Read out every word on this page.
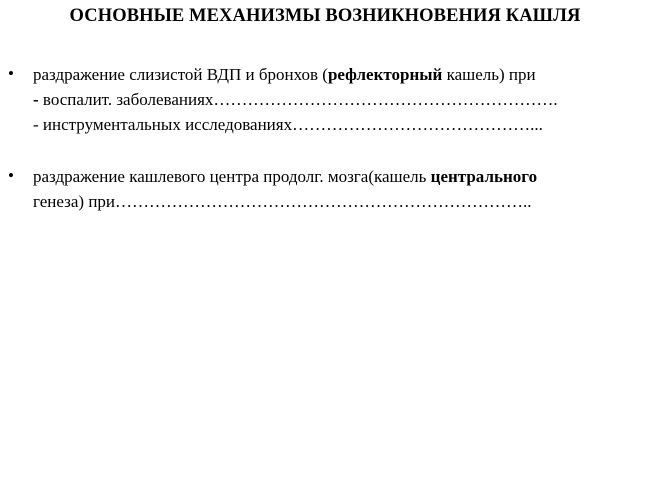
ОСНОВНЫЕ МЕХАНИЗМЫ ВОЗНИКНОВЕНИЯ КАШЛЯ
• раздражение слизистой ВДП и бронхов (рефлекторный кашель) при
- воспалит. заболеваниях…………………………………………………….
- инструментальных исследованиях……………………………………...
• раздражение кашлевого центра продолг. мозга(кашель центрального
генеза) при………………………………………………………………..
